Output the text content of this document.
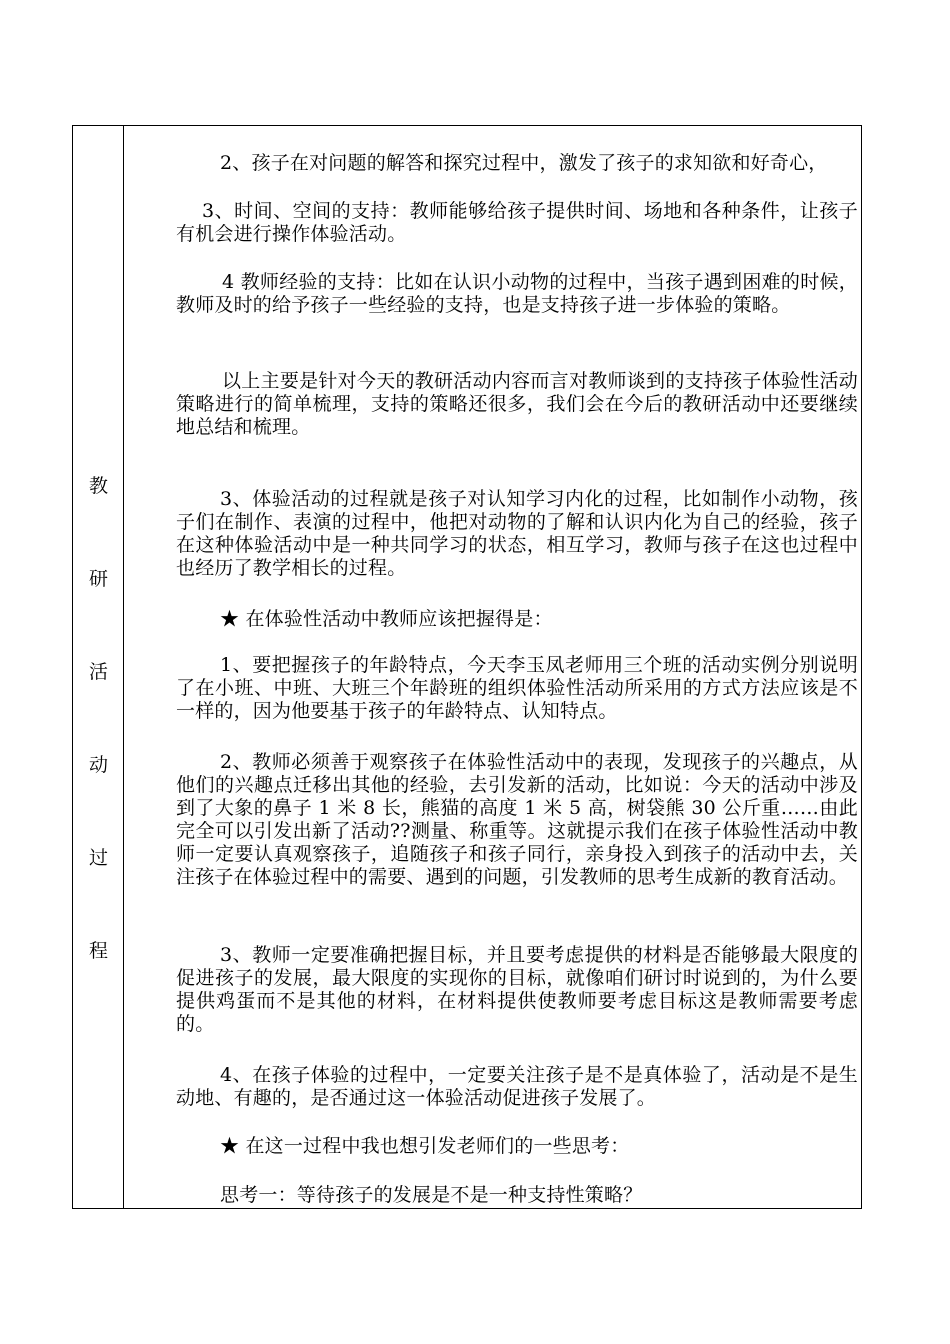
教
研
活
动
过
程
2、孩子在对问题的解答和探究过程中，激发了孩子的求知欲和好奇心，
3、时间、空间的支持：教师能够给孩子提供时间、场地和各种条件，让孩子有机会进行操作体验活动。
4 教师经验的支持：比如在认识小动物的过程中，当孩子遇到困难的时候，教师及时的给予孩子一些经验的支持，也是支持孩子进一步体验的策略。
以上主要是针对今天的教研活动内容而言对教师谈到的支持孩子体验性活动策略进行的简单梳理，支持的策略还很多，我们会在今后的教研活动中还要继续地总结和梳理。
3、体验活动的过程就是孩子对认知学习内化的过程，比如制作小动物，孩子们在制作、表演的过程中，他把对动物的了解和认识内化为自己的经验，孩子在这种体验活动中是一种共同学习的状态，相互学习，教师与孩子在这也过程中也经历了教学相长的过程。
★ 在体验性活动中教师应该把握得是：
1、要把握孩子的年龄特点，今天李玉凤老师用三个班的活动实例分别说明了在小班、中班、大班三个年龄班的组织体验性活动所采用的方式方法应该是不一样的，因为他要基于孩子的年龄特点、认知特点。
2、教师必须善于观察孩子在体验性活动中的表现，发现孩子的兴趣点，从他们的兴趣点迁移出其他的经验，去引发新的活动，比如说：今天的活动中涉及到了大象的鼻子 1 米 8 长，熊猫的高度 1 米 5 高，树袋熊 30 公斤重……由此完全可以引发出新了活动??测量、称重等。这就提示我们在孩子体验性活动中教师一定要认真观察孩子，追随孩子和孩子同行，亲身投入到孩子的活动中去，关注孩子在体验过程中的需要、遇到的问题，引发教师的思考生成新的教育活动。
3、教师一定要准确把握目标，并且要考虑提供的材料是否能够最大限度的促进孩子的发展，最大限度的实现你的目标，就像咱们研讨时说到的，为什么要提供鸡蛋而不是其他的材料，在材料提供使教师要考虑目标这是教师需要考虑的。
4、在孩子体验的过程中，一定要关注孩子是不是真体验了，活动是不是生动地、有趣的，是否通过这一体验活动促进孩子发展了。
★ 在这一过程中我也想引发老师们的一些思考：
思考一：等待孩子的发展是不是一种支持性策略？
